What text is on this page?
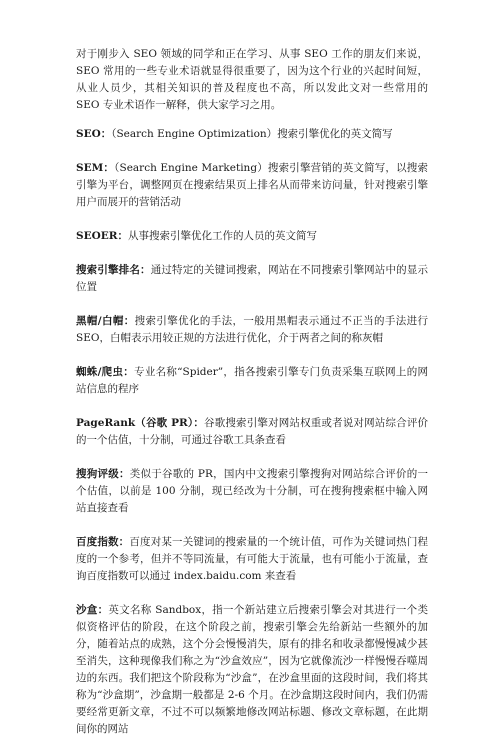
对于刚步入 SEO 领域的同学和正在学习、从事 SEO 工作的朋友们来说，SEO 常用的一些专业术语就显得很重要了，因为这个行业的兴起时间短，从业人员少，其相关知识的普及程度也不高，所以发此文对一些常用的 SEO 专业术语作一解释，供大家学习之用。

SEO：（Search Engine Optimization）搜索引擎优化的英文简写

SEM：（Search Engine Marketing）搜索引擎营销的英文简写，以搜索引擎为平台，调整网页在搜索结果页上排名从而带来访问量，针对搜索引擎用户而展开的营销活动

SEOER：从事搜索引擎优化工作的人员的英文简写

搜索引擎排名：通过特定的关键词搜索，网站在不同搜索引擎网站中的显示位置

黑帽/白帽：搜索引擎优化的手法，一般用黑帽表示通过不正当的手法进行 SEO，白帽表示用较正规的方法进行优化，介于两者之间的称灰帽

蜘蛛/爬虫：专业名称“Spider”，指各搜索引擎专门负责采集互联网上的网站信息的程序

PageRank（谷歌 PR）：谷歌搜索引擎对网站权重或者说对网站综合评价的一个估值，十分制，可通过谷歌工具条查看

搜狗评级：类似于谷歌的 PR，国内中文搜索引擎搜狗对网站综合评价的一个估值，以前是 100 分制，现已经改为十分制，可在搜狗搜索框中输入网站直接查看

百度指数：百度对某一关键词的搜索量的一个统计值，可作为关键词热门程度的一个参考，但并不等同流量，有可能大于流量，也有可能小于流量，查询百度指数可以通过 index.baidu.com 来查看

沙盒：英文名称 Sandbox，指一个新站建立后搜索引擎会对其进行一个类似资格评估的阶段，在这个阶段之前，搜索引擎会先给新站一些额外的加分，随着站点的成熟，这个分会慢慢消失，原有的排名和收录都慢慢减少甚至消失，这种现像我们称之为“沙盒效应”，因为它就像流沙一样慢慢吞噬周边的东西。我们把这个阶段称为“沙盒”，在沙盒里面的这段时间，我们将其称为“沙盒期”，沙盒期一般都是 2-6 个月。在沙盒期这段时间内，我们仍需要经常更新文章，不过不可以频繁地修改网站标题、修改文章标题，在此期间你的网站
